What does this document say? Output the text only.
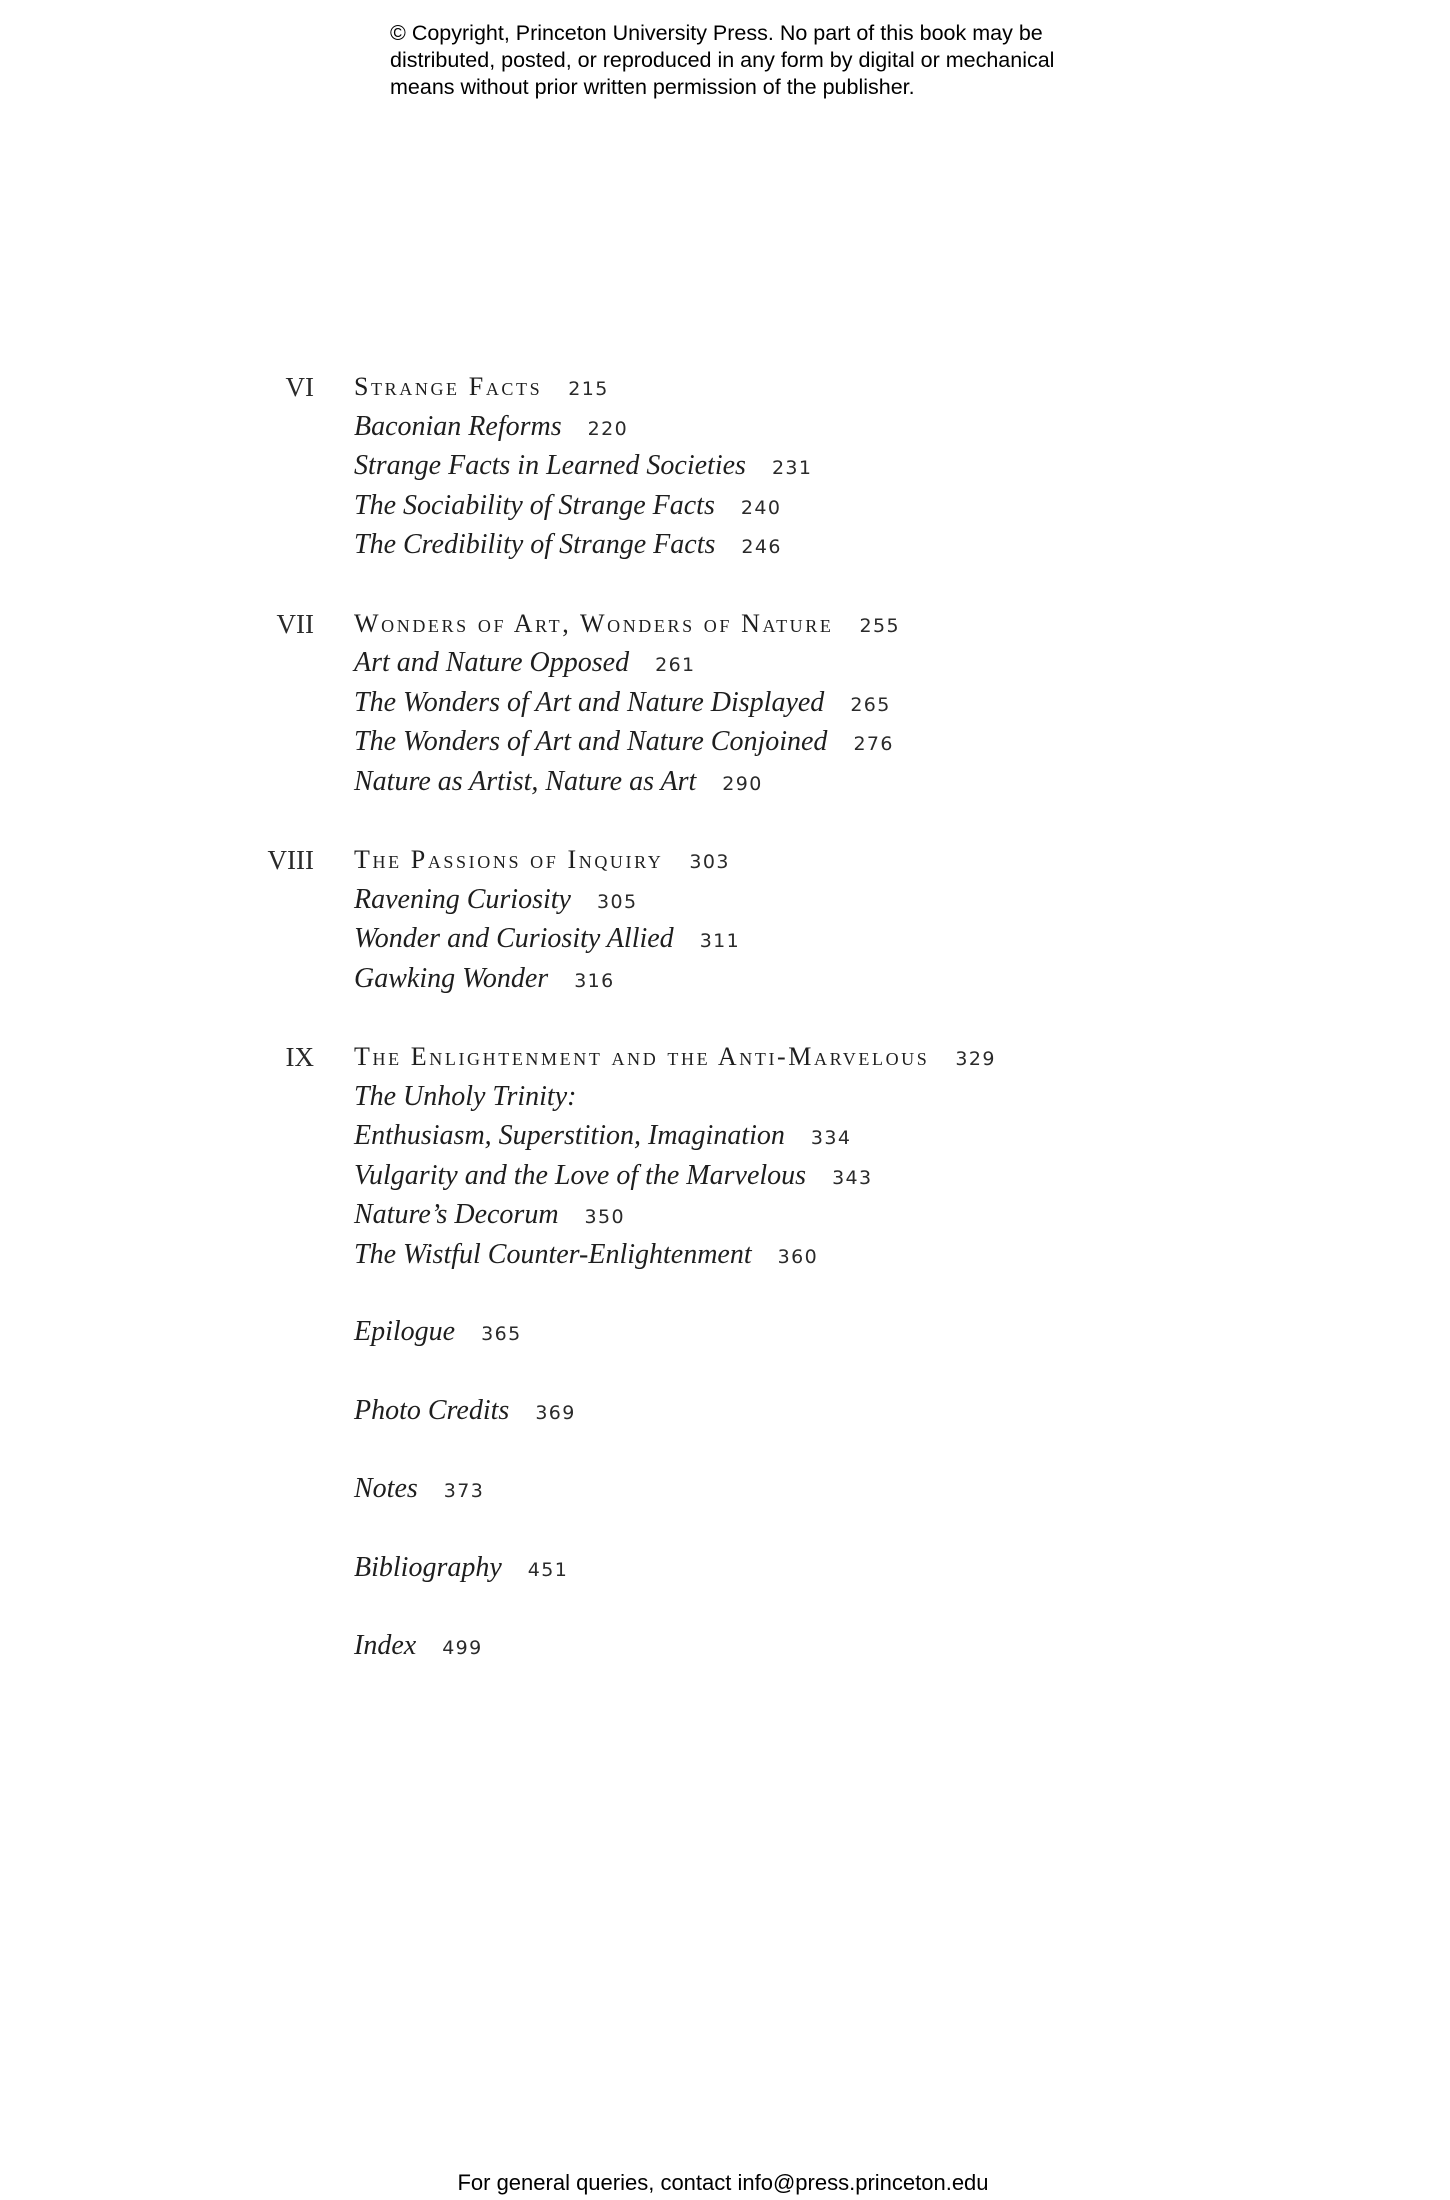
© Copyright, Princeton University Press. No part of this book may be
distributed, posted, or reproduced in any form by digital or mechanical
means without prior written permission of the publisher.
VI Strange Facts 215
Baconian Reforms 220
Strange Facts in Learned Societies 231
The Sociability of Strange Facts 240
The Credibility of Strange Facts 246
VII Wonders of Art, Wonders of Nature 255
Art and Nature Opposed 261
The Wonders of Art and Nature Displayed 265
The Wonders of Art and Nature Conjoined 276
Nature as Artist, Nature as Art 290
VIII The Passions of Inquiry 303
Ravening Curiosity 305
Wonder and Curiosity Allied 311
Gawking Wonder 316
IX The Enlightenment and the Anti-Marvelous 329
The Unholy Trinity:
Enthusiasm, Superstition, Imagination 334
Vulgarity and the Love of the Marvelous 343
Nature’s Decorum 350
The Wistful Counter-Enlightenment 360
Epilogue 365
Photo Credits 369
Notes 373
Bibliography 451
Index 499
For general queries, contact info@press.princeton.edu
